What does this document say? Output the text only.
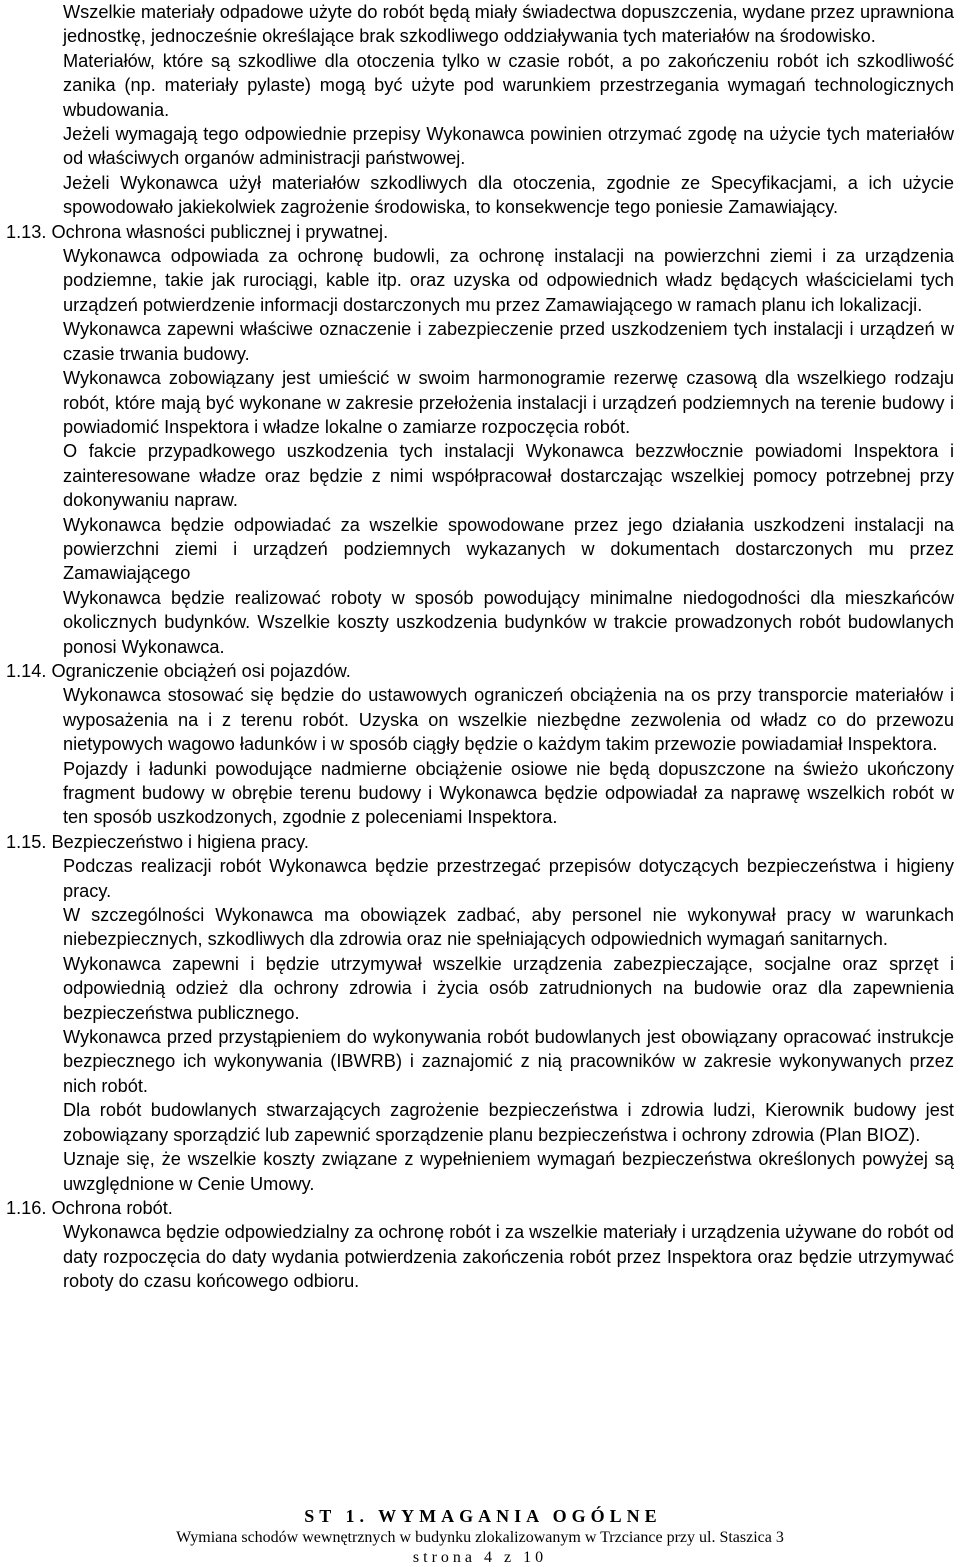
Wszelkie materiały odpadowe użyte do robót będą miały świadectwa dopuszczenia, wydane przez uprawniona jednostkę, jednocześnie określające brak szkodliwego oddziaływania tych materiałów na środowisko.

Materiałów, które są szkodliwe dla otoczenia tylko w czasie robót, a po zakończeniu robót ich szkodliwość zanika (np. materiały pylaste) mogą być użyte pod warunkiem przestrzegania wymagań technologicznych wbudowania.

Jeżeli wymagają tego odpowiednie przepisy Wykonawca powinien otrzymać zgodę na użycie tych materiałów od właściwych organów administracji państwowej.

Jeżeli Wykonawca użył materiałów szkodliwych dla otoczenia, zgodnie ze Specyfikacjami, a ich użycie spowodowało jakiekolwiek zagrożenie środowiska, to konsekwencje tego poniesie Zamawiający.

1.13. Ochrona własności publicznej i prywatnej.

Wykonawca odpowiada za ochronę budowli, za ochronę instalacji na powierzchni ziemi i za urządzenia podziemne, takie jak rurociągi, kable itp. oraz uzyska od odpowiednich władz będących właścicielami tych urządzeń potwierdzenie informacji dostarczonych mu przez Zamawiającego w ramach planu ich lokalizacji.

Wykonawca zapewni właściwe oznaczenie i zabezpieczenie przed uszkodzeniem tych instalacji i urządzeń w czasie trwania budowy.

Wykonawca zobowiązany jest umieścić w swoim harmonogramie rezerwę czasową dla wszelkiego rodzaju robót, które mają być wykonane w zakresie przełożenia instalacji i urządzeń podziemnych na terenie budowy i powiadomić Inspektora i władze lokalne o zamiarze rozpoczęcia robót.

O fakcie przypadkowego uszkodzenia tych instalacji Wykonawca bezzwłocznie powiadomi Inspektora i zainteresowane władze oraz będzie z nimi współpracował dostarczając wszelkiej pomocy potrzebnej przy dokonywaniu napraw.

Wykonawca będzie odpowiadać za wszelkie spowodowane przez jego działania uszkodzeni instalacji na powierzchni ziemi i urządzeń podziemnych wykazanych w dokumentach dostarczonych mu przez Zamawiającego

Wykonawca będzie realizować roboty w sposób powodujący minimalne niedogodności dla mieszkańców okolicznych budynków. Wszelkie koszty uszkodzenia budynków w trakcie prowadzonych robót budowlanych ponosi Wykonawca.

1.14. Ograniczenie obciążeń osi pojazdów.

Wykonawca stosować się będzie do ustawowych ograniczeń obciążenia na os przy transporcie materiałów i wyposażenia na i z terenu robót. Uzyska on wszelkie niezbędne zezwolenia od władz co do przewozu nietypowych wagowo ładunków i w sposób ciągły będzie o każdym takim przewozie powiadamiał Inspektora.

Pojazdy i ładunki powodujące nadmierne obciążenie osiowe nie będą dopuszczone na świeżo ukończony fragment budowy w obrębie terenu budowy i Wykonawca będzie odpowiadał za naprawę wszelkich robót w ten sposób uszkodzonych, zgodnie z poleceniami Inspektora.

1.15. Bezpieczeństwo i higiena pracy.

Podczas realizacji robót Wykonawca będzie przestrzegać przepisów dotyczących bezpieczeństwa i higieny pracy.

W szczególności Wykonawca ma obowiązek zadbać, aby personel nie wykonywał pracy w warunkach niebezpiecznych, szkodliwych dla zdrowia oraz nie spełniających odpowiednich wymagań sanitarnych.

Wykonawca zapewni i będzie utrzymywał wszelkie urządzenia zabezpieczające, socjalne oraz sprzęt i odpowiednią odzież dla ochrony zdrowia i życia osób zatrudnionych na budowie oraz dla zapewnienia bezpieczeństwa publicznego.

Wykonawca przed przystąpieniem do wykonywania robót budowlanych jest obowiązany opracować instrukcje bezpiecznego ich wykonywania (IBWRB) i zaznajomić z nią pracowników w zakresie wykonywanych przez nich robót.

Dla robót budowlanych stwarzających zagrożenie bezpieczeństwa i zdrowia ludzi, Kierownik budowy jest zobowiązany sporządzić lub zapewnić sporządzenie planu bezpieczeństwa i ochrony zdrowia (Plan BIOZ).

Uznaje się, że wszelkie koszty związane z wypełnieniem wymagań bezpieczeństwa określonych powyżej są uwzględnione w Cenie Umowy.

1.16. Ochrona robót.

Wykonawca będzie odpowiedzialny za ochronę robót i za wszelkie materiały i urządzenia używane do robót od daty rozpoczęcia do daty wydania potwierdzenia zakończenia robót przez Inspektora oraz będzie utrzymywać roboty do czasu końcowego odbioru.

ST 1. WYMAGANIA OGÓLNE
Wymiana schodów wewnętrznych w budynku zlokalizowanym w Trzciance przy ul. Staszica 3
strona 4 z 10
